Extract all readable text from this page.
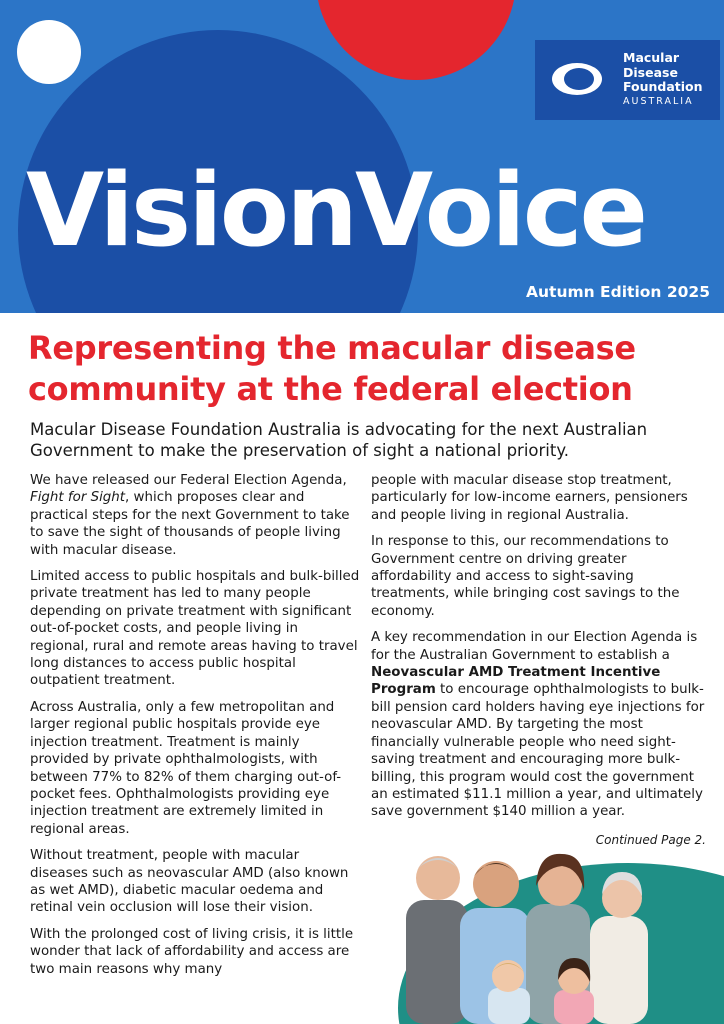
Macular
Disease
Foundation
AUSTRALIA
VisionVoice
Autumn Edition 2025
Representing the macular disease community at the federal election

Macular Disease Foundation Australia is advocating for the next Australian Government to make the preservation of sight a national priority.

We have released our Federal Election Agenda, Fight for Sight, which proposes clear and practical steps for the next Government to take to save the sight of thousands of people living with macular disease.

Limited access to public hospitals and bulk-billed private treatment has led to many people depending on private treatment with significant out-of-pocket costs, and people living in regional, rural and remote areas having to travel long distances to access public hospital outpatient treatment.

Across Australia, only a few metropolitan and larger regional public hospitals provide eye injection treatment. Treatment is mainly provided by private ophthalmologists, with between 77% to 82% of them charging out-of-pocket fees. Ophthalmologists providing eye injection treatment are extremely limited in regional areas.

Without treatment, people with macular diseases such as neovascular AMD (also known as wet AMD), diabetic macular oedema and retinal vein occlusion will lose their vision.

With the prolonged cost of living crisis, it is little wonder that lack of affordability and access are two main reasons why many

people with macular disease stop treatment, particularly for low-income earners, pensioners and people living in regional Australia.

In response to this, our recommendations to Government centre on driving greater affordability and access to sight-saving treatments, while bringing cost savings to the economy.

A key recommendation in our Election Agenda is for the Australian Government to establish a Neovascular AMD Treatment Incentive Program to encourage ophthalmologists to bulk-bill pension card holders having eye injections for neovascular AMD. By targeting the most financially vulnerable people who need sight-saving treatment and encouraging more bulk-billing, this program would cost the government an estimated $11.1 million a year, and ultimately save government $140 million a year.

Continued Page 2.
